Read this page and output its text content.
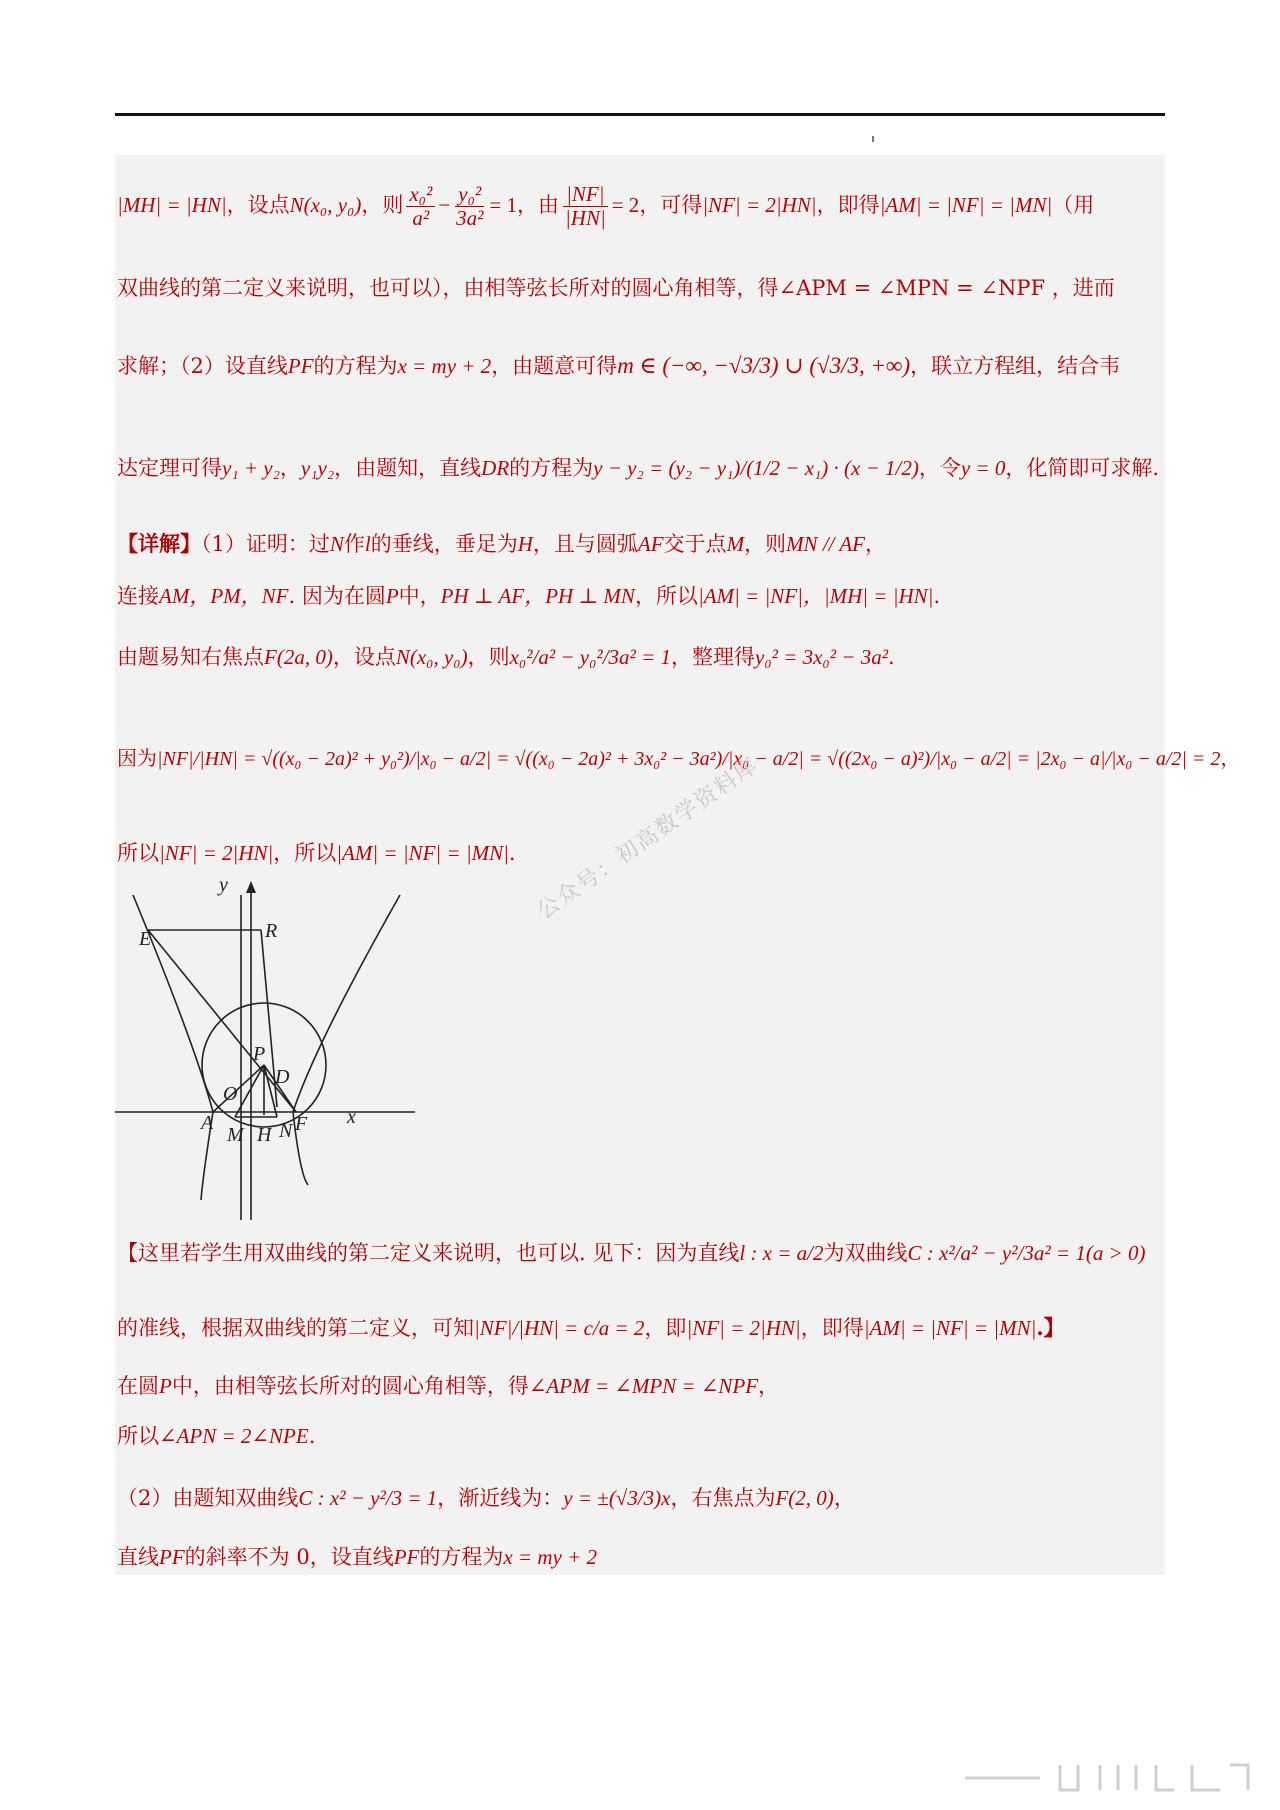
|MH| = |HN|，设点N(x₀, y₀)，则 $\frac{\text{x₀²}}{\text{a²}} - \frac{\text{y₀²}}{\text{3a²}} = 1$，由 $\frac{|NF|}{|HN|} = 2$，可得|NF| = 2|HN|，即得|AM| = |NF| = |MN|（用
双曲线的第二定义来说明，也可以），由相等弦长所对的圆心角相等，得∠APM = ∠MPN = ∠NPF ，进而
求解；（2）设直线PF的方程为x = my + 2，由题意可得m ∈ (−∞, −√3/3) ∪ (√3/3, +∞)，联立方程组，结合韦
达定理可得y₁ + y₂，y₁y₂，由题知，直线DR的方程为y − y₂ = (y₂ − y₁)/(1/2 − x₁) · (x − 1/2)，令y = 0，化简即可求解.
【详解】（1）证明：过N作l的垂线，垂足为H，且与圆弧AF交于点M，则MN // AF，
连接AM，PM，NF. 因为在圆P中，PH ⊥ AF，PH ⊥ MN，所以|AM| = |NF|，|MH| = |HN|.
由题易知右焦点F(2a, 0)，设点N(x₀, y₀)，则x₀²/a² − y₀²/3a² = 1，整理得y₀² = 3x₀² − 3a².
因为|NF|/|HN| = √((x₀ − 2a)² + y₀²)/|x₀ − a/2| = √((x₀ − 2a)² + 3x₀² − 3a²)/|x₀ − a/2| = √((2x₀ − a)²)/|x₀ − a/2| = |2x₀ − a|/|x₀ − a/2| = 2，
所以|NF| = 2|HN|，所以|AM| = |NF| = |MN|.
y
x
E	R
P
D
O
A
M H N F
公众号：初高数学资料库
【这里若学生用双曲线的第二定义来说明，也可以. 见下：因为直线l : x = a/2为双曲线C : x²/a² − y²/3a² = 1(a > 0)
的准线，根据双曲线的第二定义，可知|NF|/|HN| = c/a = 2，即|NF| = 2|HN|，即得|AM| = |NF| = |MN|.】
在圆P中，由相等弦长所对的圆心角相等，得∠APM = ∠MPN = ∠NPF，
所以∠APN = 2∠NPE.
（2）由题知双曲线C : x² − y²/3 = 1，渐近线为：y = ±(√3/3)x，右焦点为F(2, 0)，
直线PF的斜率不为 0，设直线PF的方程为x = my + 2
